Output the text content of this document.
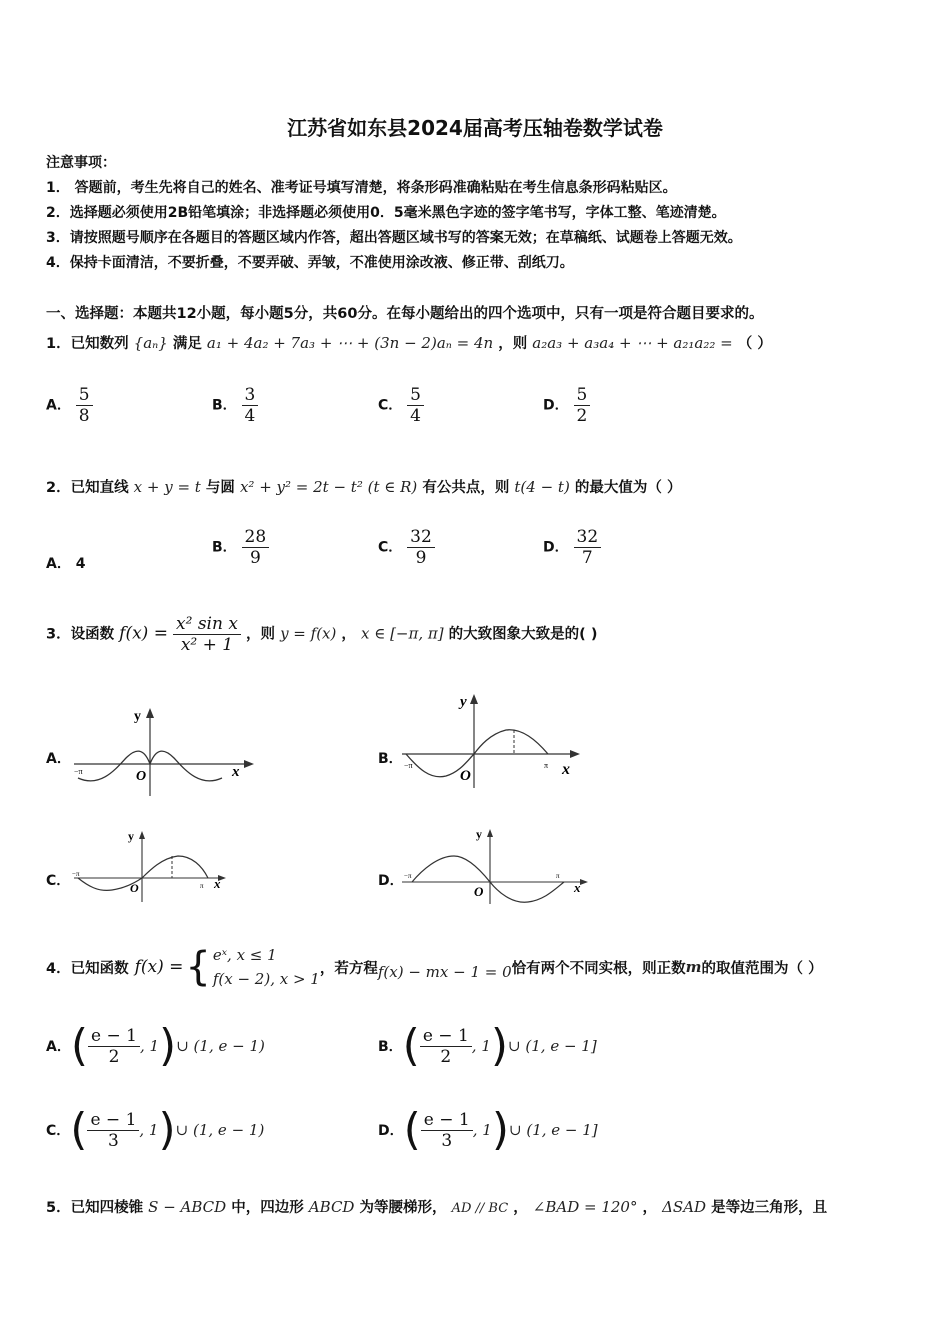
江苏省如东县2024届高考压轴卷数学试卷
注意事项：
1． 答题前，考生先将自己的姓名、准考证号填写清楚，将条形码准确粘贴在考生信息条形码粘贴区。
2．选择题必须使用2B铅笔填涂；非选择题必须使用0．5毫米黑色字迹的签字笔书写，字体工整、笔迹清楚。
3．请按照题号顺序在各题目的答题区域内作答，超出答题区域书写的答案无效；在草稿纸、试题卷上答题无效。
4．保持卡面清洁，不要折叠，不要弄破、弄皱，不准使用涂改液、修正带、刮纸刀。
一、选择题：本题共12小题，每小题5分，共60分。在每小题给出的四个选项中，只有一项是符合题目要求的。
1．已知数列 {aₙ} 满足 a₁ + 4a₂ + 7a₃ + ⋯ + (3n − 2)aₙ = 4n ，则 a₂a₃ + a₃a₄ + ⋯ + a₂₁a₂₂ = （ ）
A． $\frac{5}{8}$	B． $\frac{3}{4}$	C． $\frac{5}{4}$	D． $\frac{5}{2}$
2．已知直线 x + y = t 与圆 x² + y² = 2t − t² (t ∈ R) 有公共点，则 t(4 − t) 的最大值为（ ）
A． 4
B． $\frac{28}{9}$	C． $\frac{32}{9}$	D． $\frac{32}{7}$
3．设函数 $f(x) = \frac{\text{x² sin x}}{\text{x² + 1}}$ ，则 y = f(x) ， x ∈ [−π, π] 的大致图象大致是的( )
A．
y
x
O
−π
B．
y
x
O
−π	π
C．
y
x
O
−π
π	D．
y
x
O
−π	π
4．已知函数 f(x) = { eˣ, x ≤ 1
f(x − 2), x > 1
，若方程 f(x) − mx − 1 = 0 恰有两个不同实根，则正数 m 的取值范围为（ ）
A． ( $\frac{e - 1}{2}$ , 1 ) ∪ (1, e − 1)	B． ( $\frac{e - 1}{2}$ , 1 ) ∪ (1, e − 1]
C． ( $\frac{e - 1}{3}$ , 1 ) ∪ (1, e − 1)	D． ( $\frac{e - 1}{3}$ , 1 ) ∪ (1, e − 1]
5．已知四棱锥 S − ABCD 中，四边形 ABCD 为等腰梯形， AD // BC ， ∠BAD = 120° ， ΔSAD 是等边三角形，且
